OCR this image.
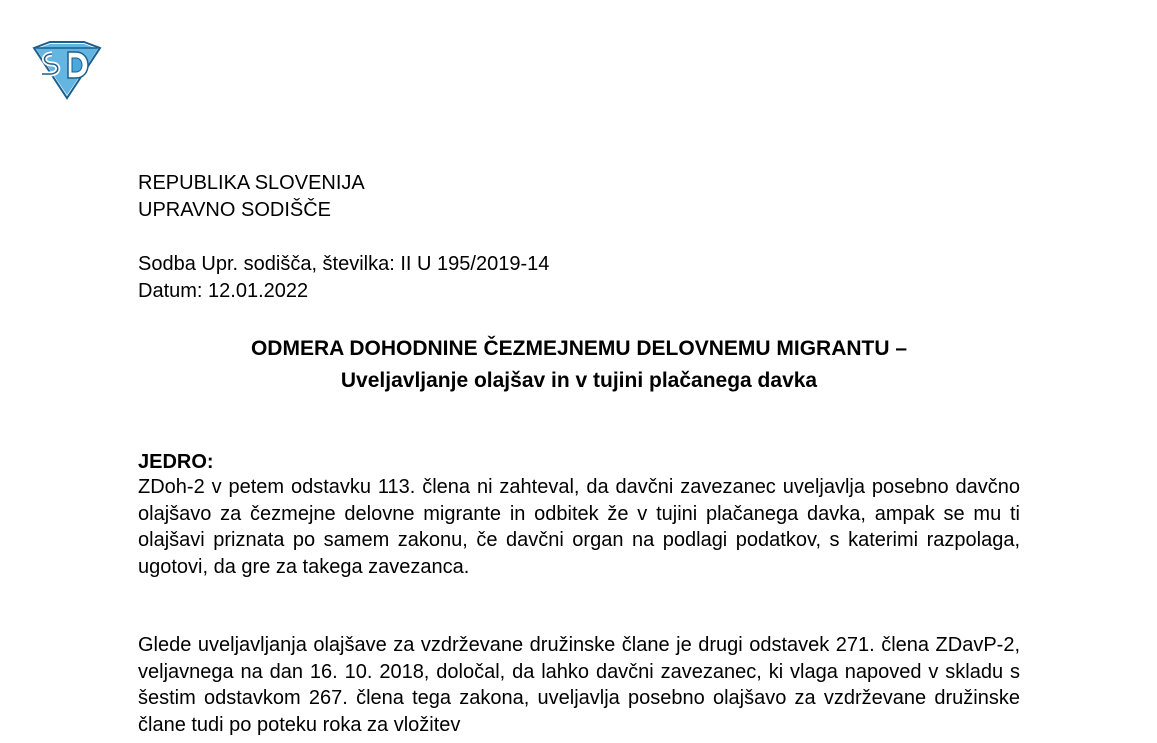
REPUBLIKA SLOVENIJA
UPRAVNO SODIŠČE
Sodba Upr. sodišča, številka: II U 195/2019-14
Datum: 12.01.2022
ODMERA DOHODNINE ČEZMEJNEMU DELOVNEMU MIGRANTU –
Uveljavljanje olajšav in v tujini plačanega davka
JEDRO:

ZDoh-2 v petem odstavku 113. člena ni zahteval, da davčni zavezanec uveljavlja posebno davčno olajšavo za čezmejne delovne migrante in odbitek že v tujini plačanega davka, ampak se mu ti olajšavi priznata po samem zakonu, če davčni organ na podlagi podatkov, s katerimi razpolaga, ugotovi, da gre za takega zavezanca.

Glede uveljavljanja olajšave za vzdrževane družinske člane je drugi odstavek 271. člena ZDavP-2, veljavnega na dan 16. 10. 2018, določal, da lahko davčni zavezanec, ki vlaga napoved v skladu s šestim odstavkom 267. člena tega zakona, uveljavlja posebno olajšavo za vzdrževane družinske člane tudi po poteku roka za vložitev
